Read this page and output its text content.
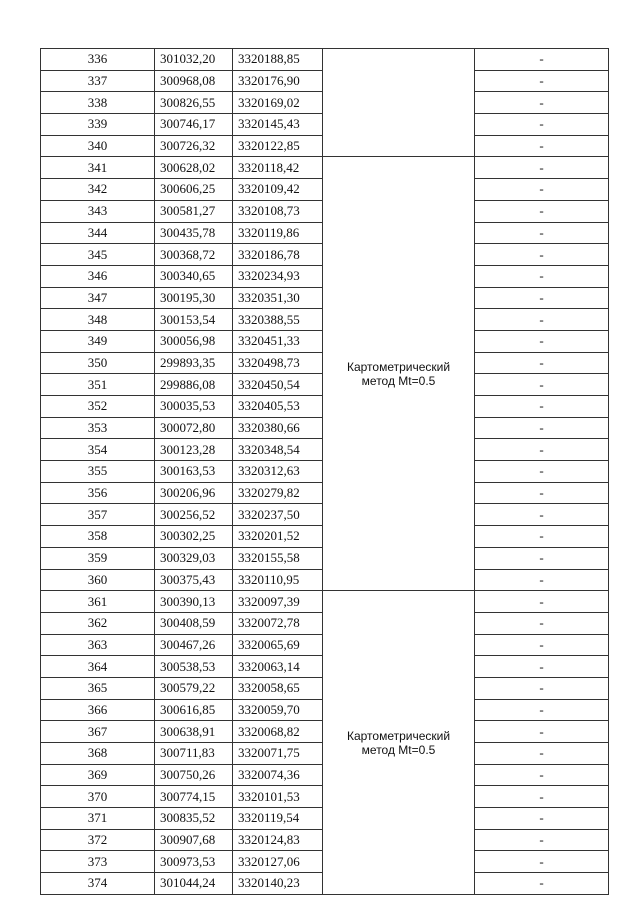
336	301032,20	3320188,85		-
337	300968,08	3320176,90		-
338	300826,55	3320169,02		-
339	300746,17	3320145,43		-
340	300726,32	3320122,85		-
341	300628,02	3320118,42	Картометрический метод Mt=0.5	-
342	300606,25	3320109,42		-
343	300581,27	3320108,73		-
344	300435,78	3320119,86		-
345	300368,72	3320186,78		-
346	300340,65	3320234,93		-
347	300195,30	3320351,30		-
348	300153,54	3320388,55		-
349	300056,98	3320451,33		-
350	299893,35	3320498,73		-
351	299886,08	3320450,54		-
352	300035,53	3320405,53		-
353	300072,80	3320380,66		-
354	300123,28	3320348,54		-
355	300163,53	3320312,63		-
356	300206,96	3320279,82		-
357	300256,52	3320237,50		-
358	300302,25	3320201,52		-
359	300329,03	3320155,58		-
360	300375,43	3320110,95		-
361	300390,13	3320097,39	Картометрический метод Mt=0.5	-
362	300408,59	3320072,78		-
363	300467,26	3320065,69		-
364	300538,53	3320063,14		-
365	300579,22	3320058,65		-
366	300616,85	3320059,70		-
367	300638,91	3320068,82		-
368	300711,83	3320071,75		-
369	300750,26	3320074,36		-
370	300774,15	3320101,53		-
371	300835,52	3320119,54		-
372	300907,68	3320124,83		-
373	300973,53	3320127,06		-
374	301044,24	3320140,23		-
